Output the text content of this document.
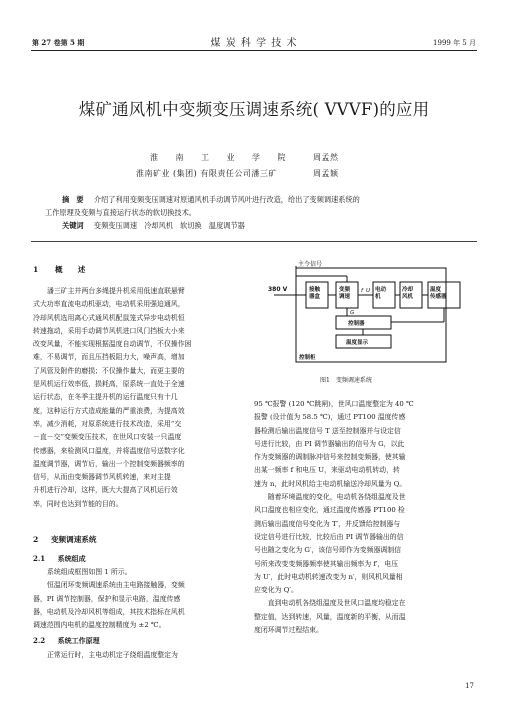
第 27 卷第 5 期	煤 炭 科 学 技 术	1999 年 5 月
煤矿通风机中变频变压调速系统( VVVF)的应用
淮　　南　　工　　业　　学　　院	周孟然
淮南矿业 (集团) 有限责任公司潘三矿	周孟颖
摘　要 介绍了利用变频变压调速对原通风机手动调节风叶进行改造，给出了变频调速系统的
工作原理及变频与直接运行状态的软切换技术。
关键词 变频变压调速　冷却风机　软切换　温度调节器
1 概　　述
潘三矿主井两台多绳提升机采用低速直联悬臂
式大功率直流电动机驱动，电动机采用强迫通风，
冷却风机选用离心式通风机配鼠笼式异步电动机恒
转速拖动，采用手动调节风机进口风门挡板大小来
改变风量，不能实现根据温度自动调节，不仅操作困
难，不易调节，而且压挡板阻力大，噪声高，增加
了风管及附件的磨损；不仅操作量大，而更主要的
是风机运行效率低，损耗高，原系统一直处于全速
运行状态，在冬季主提升机的运行温度只有十几
度，这种运行方式造成能量的严重浪费，为提高效
率，减少消耗，对原系统进行技术改造，采用“交
－直－交”变频变压技术，在世风口安装一只温度
传感器，来检测风口温度，并将温度信号送数字化
温度调节器，调节后，输出一个控制变频器频率的
信号，从而由变频器调节风机转速，来对主提
升机进行冷却，这样，既大大提高了风机运行效
率，同时也达到节能的目的。
2 变频调速系统
2.1 系统组成
系统组成框图如图 1 所示。
恒温闭环变频调速系统由主电路接触器，变频
器，PI 调节控制器，保护和显示电路，温度传感
器，电动机及冷却风机等组成，其技术指标在风机
调速范围内电机的温度控制精度为 ±2 ℃。
2.2 系统工作原理
正常运行时，主电动机定子绕组温度整定为
主令信号
380 V	接触器盒
变频调速
电动机
冷却风机
温度传感器
控制器
温度显示
控制柜
f U
G
图1　变频调速系统
95 ℃报警 (120 ℃跳闸)，世风口温度整定为 40 ℃
报警 (设计值为 58.5 ℃)，通过 PT100 温度传感
器检测后输出温度信号 T 送至控制器并与设定信
号进行比较，由 PI 调节器输出的信号为 G，以此
作为变频器的调制脉冲信号来控制变频器，使其输
出某一频率 f 和电压 U，来驱动电动机转动，转
速为 n，此时风机给主电动机输送冷却风量为 Q。
　　随着环境温度的变化，电动机各绕组温度及世
风口温度也相应变化，通过温度传感器 PT100 检
测后输出温度信号变化为 T′，并反馈给控制器与
设定信号进行比较，比较后由 PI 调节器输出的信
号也随之变化为 G′，该信号即作为变频器调制信
号所来改变变频器频率使其输出频率为 f′，电压
为 U′，此时电动机转速改变为 n′，则风机风量相
应变化为 Q′。
　　直到电动机各绕组温度及世风口温度均稳定在
整定值，达到转速，风量，温度新的平衡，从而温
度闭环调节过程结束。
17
